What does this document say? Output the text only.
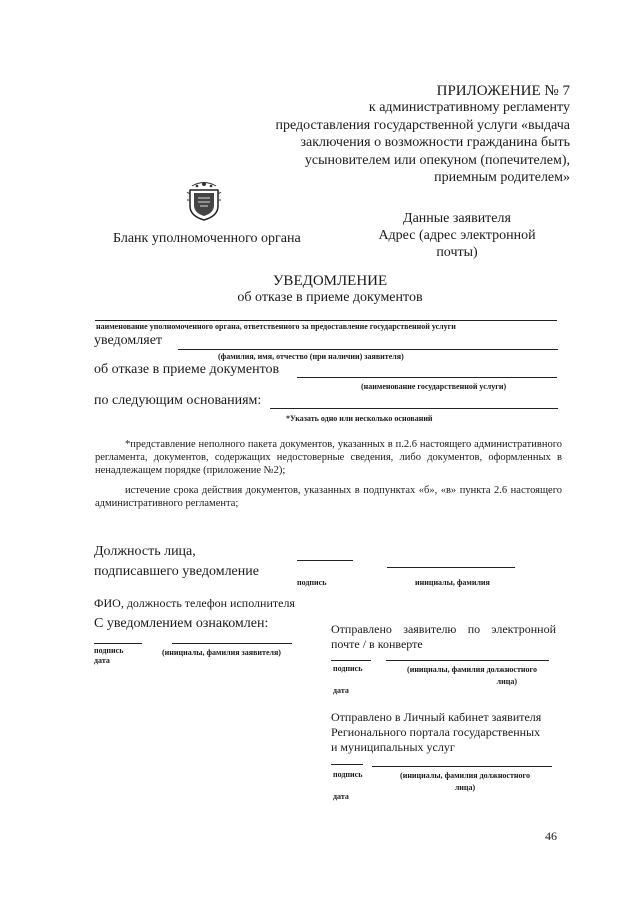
ПРИЛОЖЕНИЕ № 7
к административному регламенту
предоставления государственной услуги «выдача
заключения о возможности гражданина быть
усыновителем или опекуном (попечителем),
приемным родителем»
Бланк уполномоченного органа
Данные заявителя
Адрес (адрес электронной
почты)
УВЕДОМЛЕНИЕ
об отказе в приеме документов
наименование уполномоченного органа, ответственного за предоставление государственной услуги
уведомляет
(фамилия, имя, отчество (при наличии) заявителя)
об отказе в приеме документов
(наименование государственной услуги)
по следующим основаниям:
*Указать одно или несколько оснований
*представление неполного пакета документов, указанных в п.2.6 настоящего административного регламента, документов, содержащих недостоверные сведения, либо документов, оформленных в ненадлежащем порядке (приложение №2);
истечение срока действия документов, указанных в подпунктах «б», «в» пункта 2.6 настоящего административного регламента;
Должность лица,
подписавшего уведомление
подпись	инициалы, фамилия
ФИО, должность телефон исполнителя
С уведомлением ознакомлен:
подпись
дата
(инициалы, фамилия заявителя)
Отправлено заявителю по электронной
почте / в конверте
подпись	(инициалы, фамилия должностного
лица)
дата
Отправлено в Личный кабинет заявителя
Регионального портала государственных
и муниципальных услуг
подпись	(инициалы, фамилия должностного
лица)
дата
46
